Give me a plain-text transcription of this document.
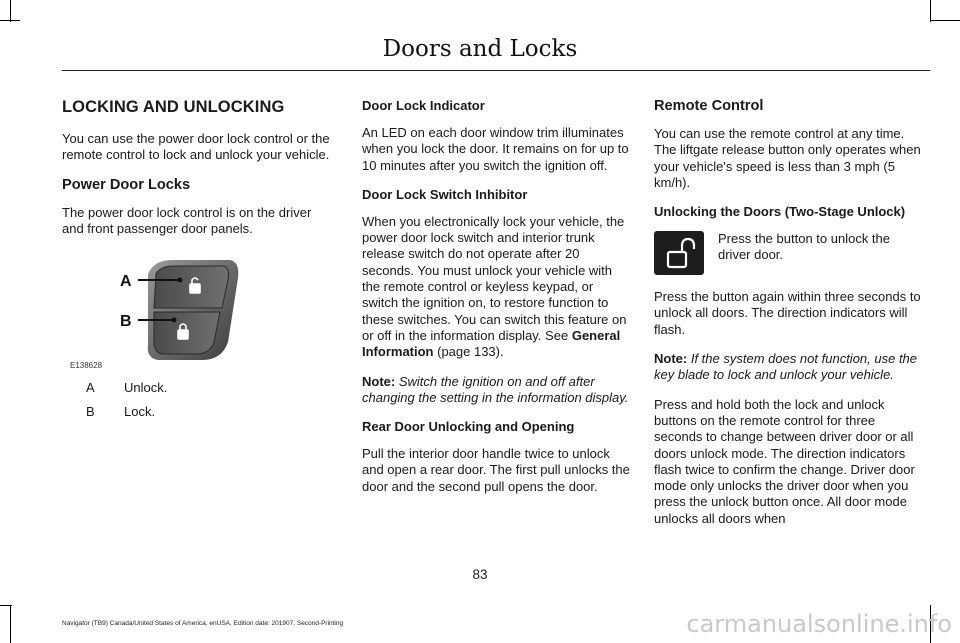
Doors and Locks
LOCKING AND UNLOCKING

You can use the power door lock control or the remote control to lock and unlock your vehicle.

Power Door Locks

The power door lock control is on the driver and front passenger door panels.

A
B
E138628
A	Unlock.
B	Lock.
Door Lock Indicator

An LED on each door window trim illuminates when you lock the door. It remains on for up to 10 minutes after you switch the ignition off.

Door Lock Switch Inhibitor

When you electronically lock your vehicle, the power door lock switch and interior trunk release switch do not operate after 20 seconds. You must unlock your vehicle with the remote control or keyless keypad, or switch the ignition on, to restore function to these switches. You can switch this feature on or off in the information display. See General Information (page 133).

Note: Switch the ignition on and off after changing the setting in the information display.

Rear Door Unlocking and Opening

Pull the interior door handle twice to unlock and open a rear door. The first pull unlocks the door and the second pull opens the door.

Remote Control

You can use the remote control at any time. The liftgate release button only operates when your vehicle's speed is less than 3 mph (5 km/h).

Unlocking the Doors (Two-Stage Unlock)

Press the button to unlock the driver door.

Press the button again within three seconds to unlock all doors. The direction indicators will flash.

Note: If the system does not function, use the key blade to lock and unlock your vehicle.

Press and hold both the lock and unlock buttons on the remote control for three seconds to change between driver door or all doors unlock mode. The direction indicators flash twice to confirm the change. Driver door mode only unlocks the driver door when you press the unlock button once. All door mode unlocks all doors when

83
Navigator (TB9) Canada/United States of America, enUSA, Edition date: 201907, Second-Printing	carmanualsonline.info
